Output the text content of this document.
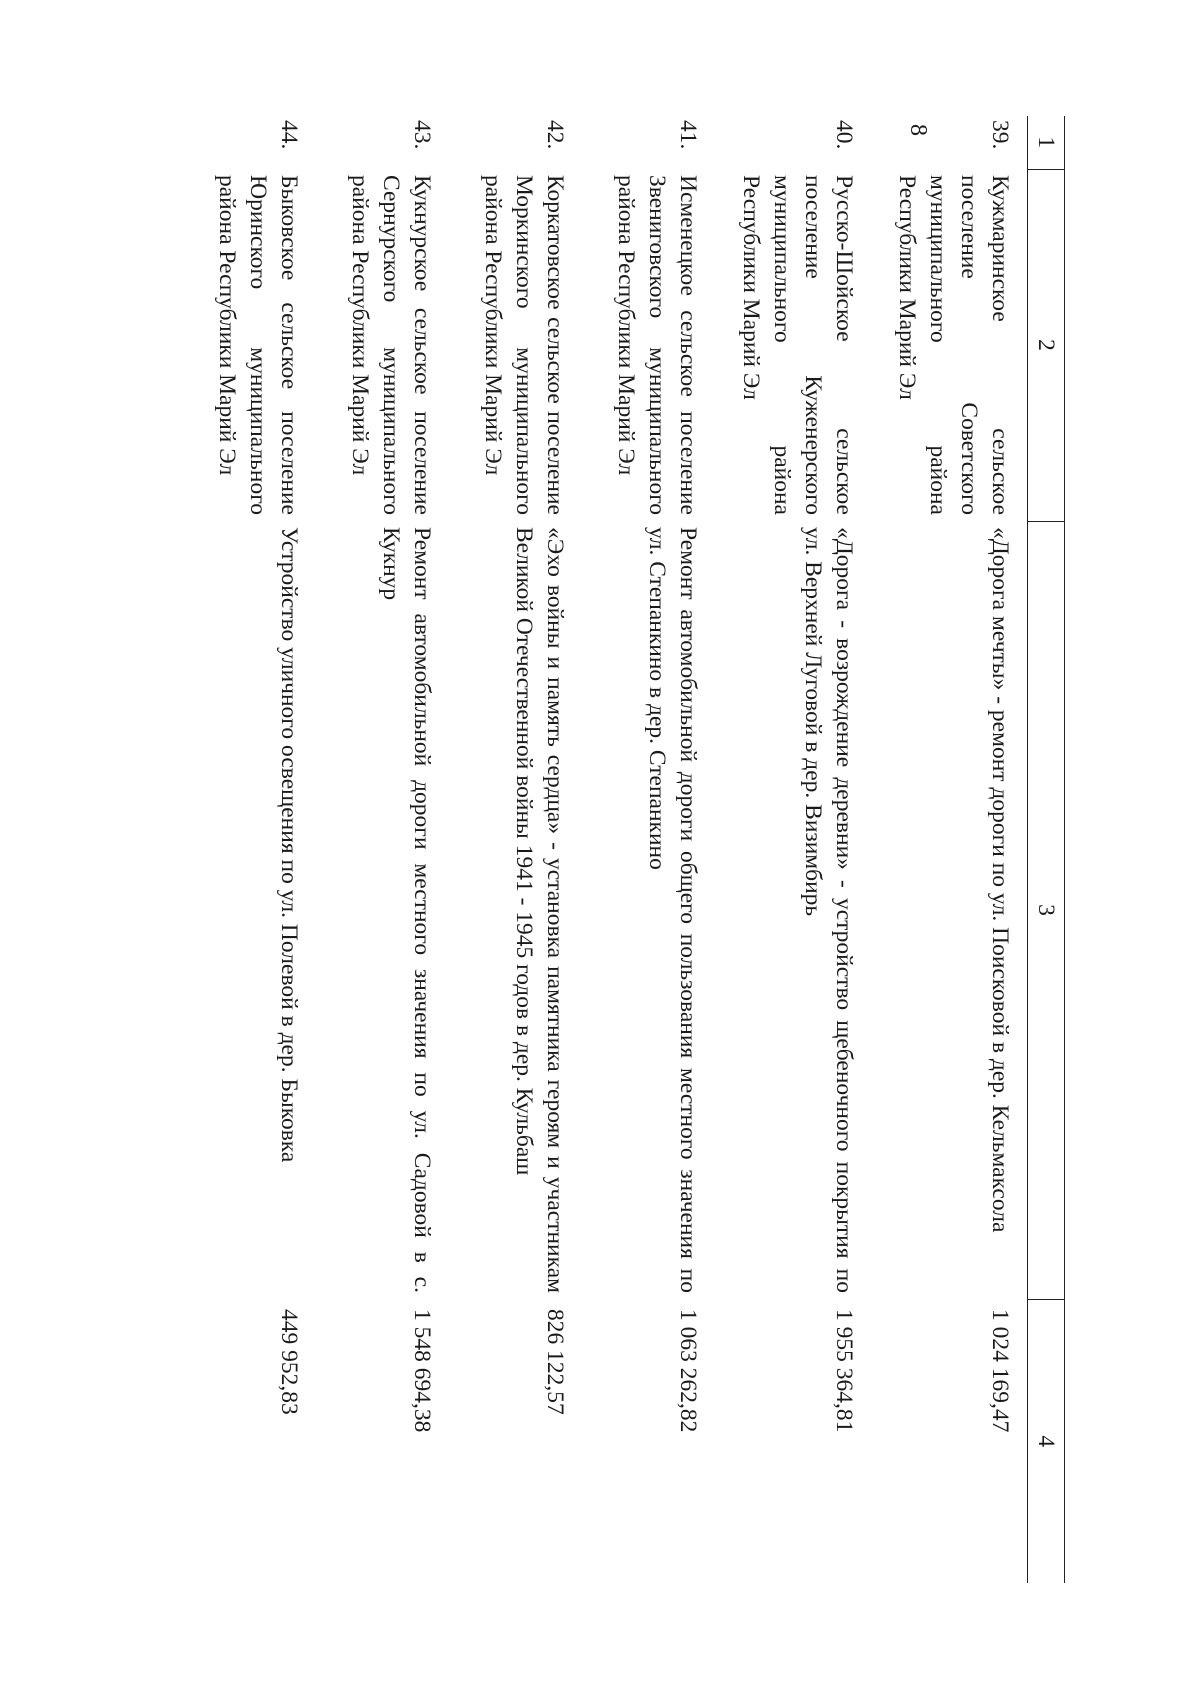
8
1	2	3	4
39.	Кужмаринское сельское поселение Советского муниципального района Республики Марий Эл	«Дорога мечты» - ремонт дороги по ул. Поисковой в дер. Кельмаксола	1 024 169,47
40.	Русско-Шойское сельское поселение Куженерского муниципального района Республики Марий Эл	«Дорога - возрождение деревни» - устройство щебеночного покрытия по ул. Верхней Луговой в дер. Визимбирь	1 955 364,81
41.	Исменецкое сельское поселение Звениговского муниципального района Республики Марий Эл	Ремонт автомобильной дороги общего пользования местного значения по ул. Степанкино в дер. Степанкино	1 063 262,82
42.	Коркатовское сельское поселение Моркинского муниципального района Республики Марий Эл	«Эхо войны и память сердца» - установка памятника героям и участникам Великой Отечественной войны 1941 - 1945 годов в дер. Кульбаш	826 122,57
43.	Кукнурское сельское поселение Сернурского муниципального района Республики Марий Эл	Ремонт автомобильной дороги местного значения по ул. Садовой в с. Кукнур	1 548 694,38
44.	Быковское сельское поселение Юринского муниципального района Республики Марий Эл	Устройство уличного освещения по ул. Полевой в дер. Быковка	449 952,83
